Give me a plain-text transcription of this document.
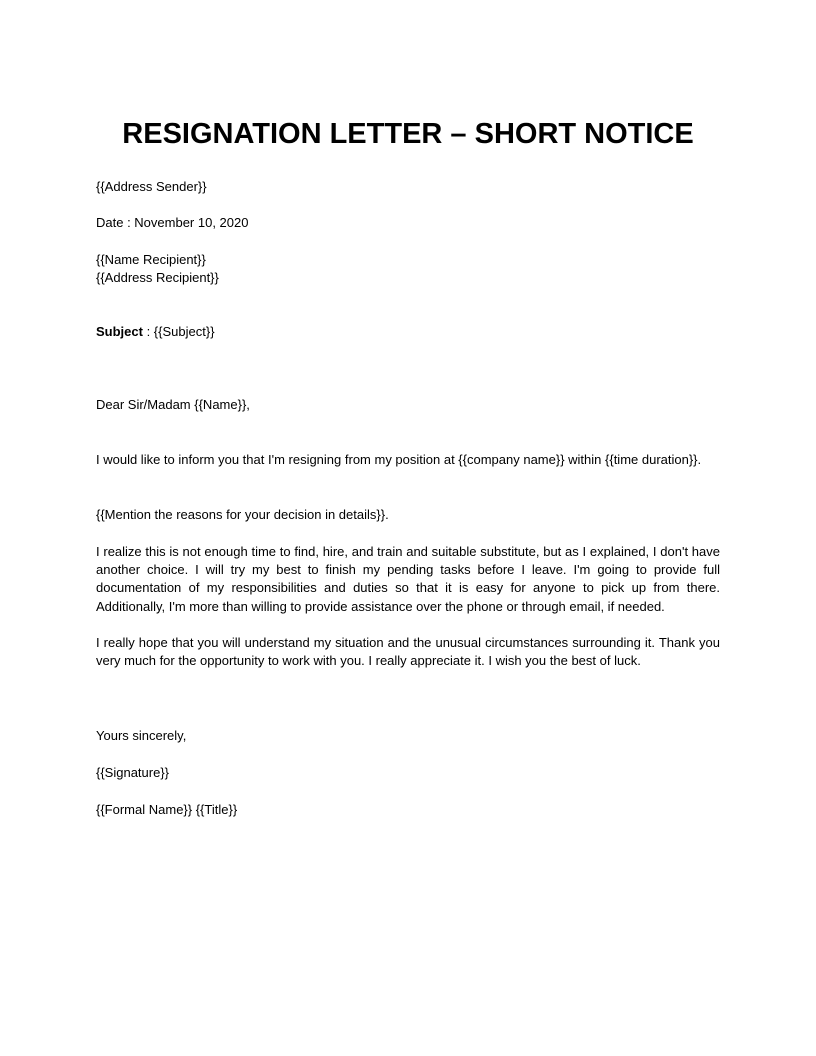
RESIGNATION LETTER – SHORT NOTICE
{{Address Sender}}
Date : November 10, 2020
{{Name Recipient}}
{{Address Recipient}}
Subject : {{Subject}}
Dear Sir/Madam {{Name}},
I would like to inform you that I'm resigning from my position at {{company name}} within {{time duration}}.
{{Mention the reasons for your decision in details}}.
I realize this is not enough time to find, hire, and train and suitable substitute, but as I explained, I don't have another choice. I will try my best to finish my pending tasks before I leave. I'm going to provide full documentation of my responsibilities and duties so that it is easy for anyone to pick up from there. Additionally, I'm more than willing to provide assistance over the phone or through email, if needed.
I really hope that you will understand my situation and the unusual circumstances surrounding it. Thank you very much for the opportunity to work with you. I really appreciate it. I wish you the best of luck.
Yours sincerely,
{{Signature}}
{{Formal Name}} {{Title}}
